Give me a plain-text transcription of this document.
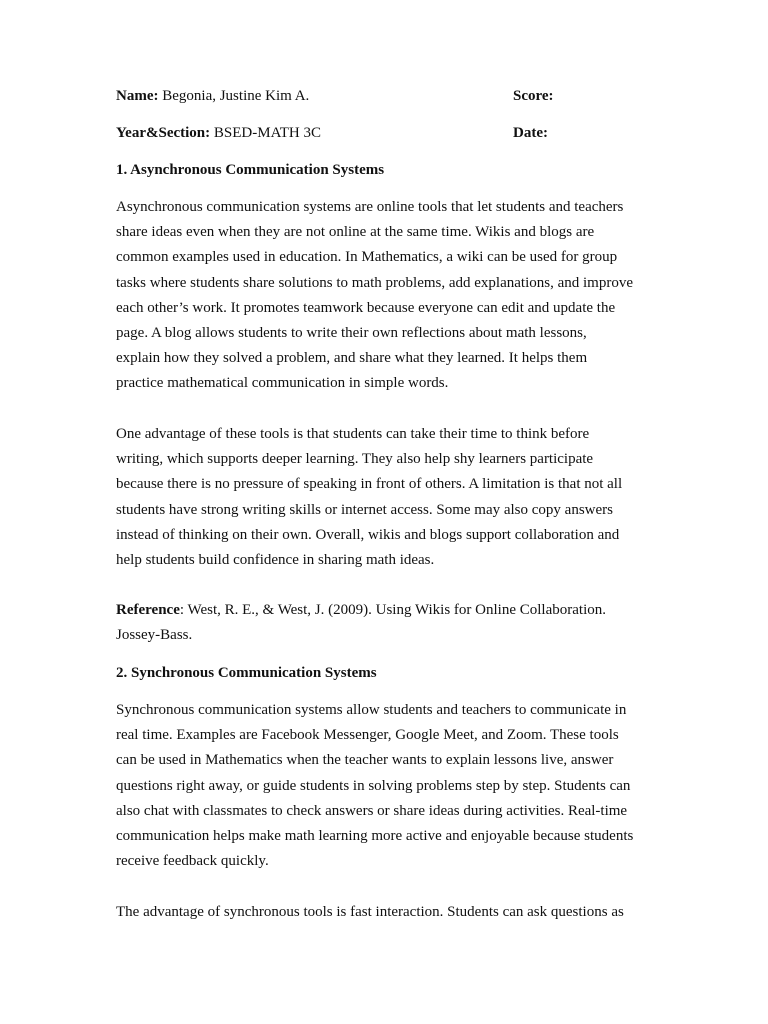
Name: Begonia, Justine Kim A.	Score:
Year&Section: BSED-MATH 3C	Date:
1. Asynchronous Communication Systems
Asynchronous communication systems are online tools that let students and teachers
share ideas even when they are not online at the same time. Wikis and blogs are
common examples used in education. In Mathematics, a wiki can be used for group
tasks where students share solutions to math problems, add explanations, and improve
each other’s work. It promotes teamwork because everyone can edit and update the
page. A blog allows students to write their own reflections about math lessons,
explain how they solved a problem, and share what they learned. It helps them
practice mathematical communication in simple words.
One advantage of these tools is that students can take their time to think before
writing, which supports deeper learning. They also help shy learners participate
because there is no pressure of speaking in front of others. A limitation is that not all
students have strong writing skills or internet access. Some may also copy answers
instead of thinking on their own. Overall, wikis and blogs support collaboration and
help students build confidence in sharing math ideas.
Reference: West, R. E., & West, J. (2009). Using Wikis for Online Collaboration.
Jossey-Bass.
2. Synchronous Communication Systems
Synchronous communication systems allow students and teachers to communicate in
real time. Examples are Facebook Messenger, Google Meet, and Zoom. These tools
can be used in Mathematics when the teacher wants to explain lessons live, answer
questions right away, or guide students in solving problems step by step. Students can
also chat with classmates to check answers or share ideas during activities. Real-time
communication helps make math learning more active and enjoyable because students
receive feedback quickly.
The advantage of synchronous tools is fast interaction. Students can ask questions as
